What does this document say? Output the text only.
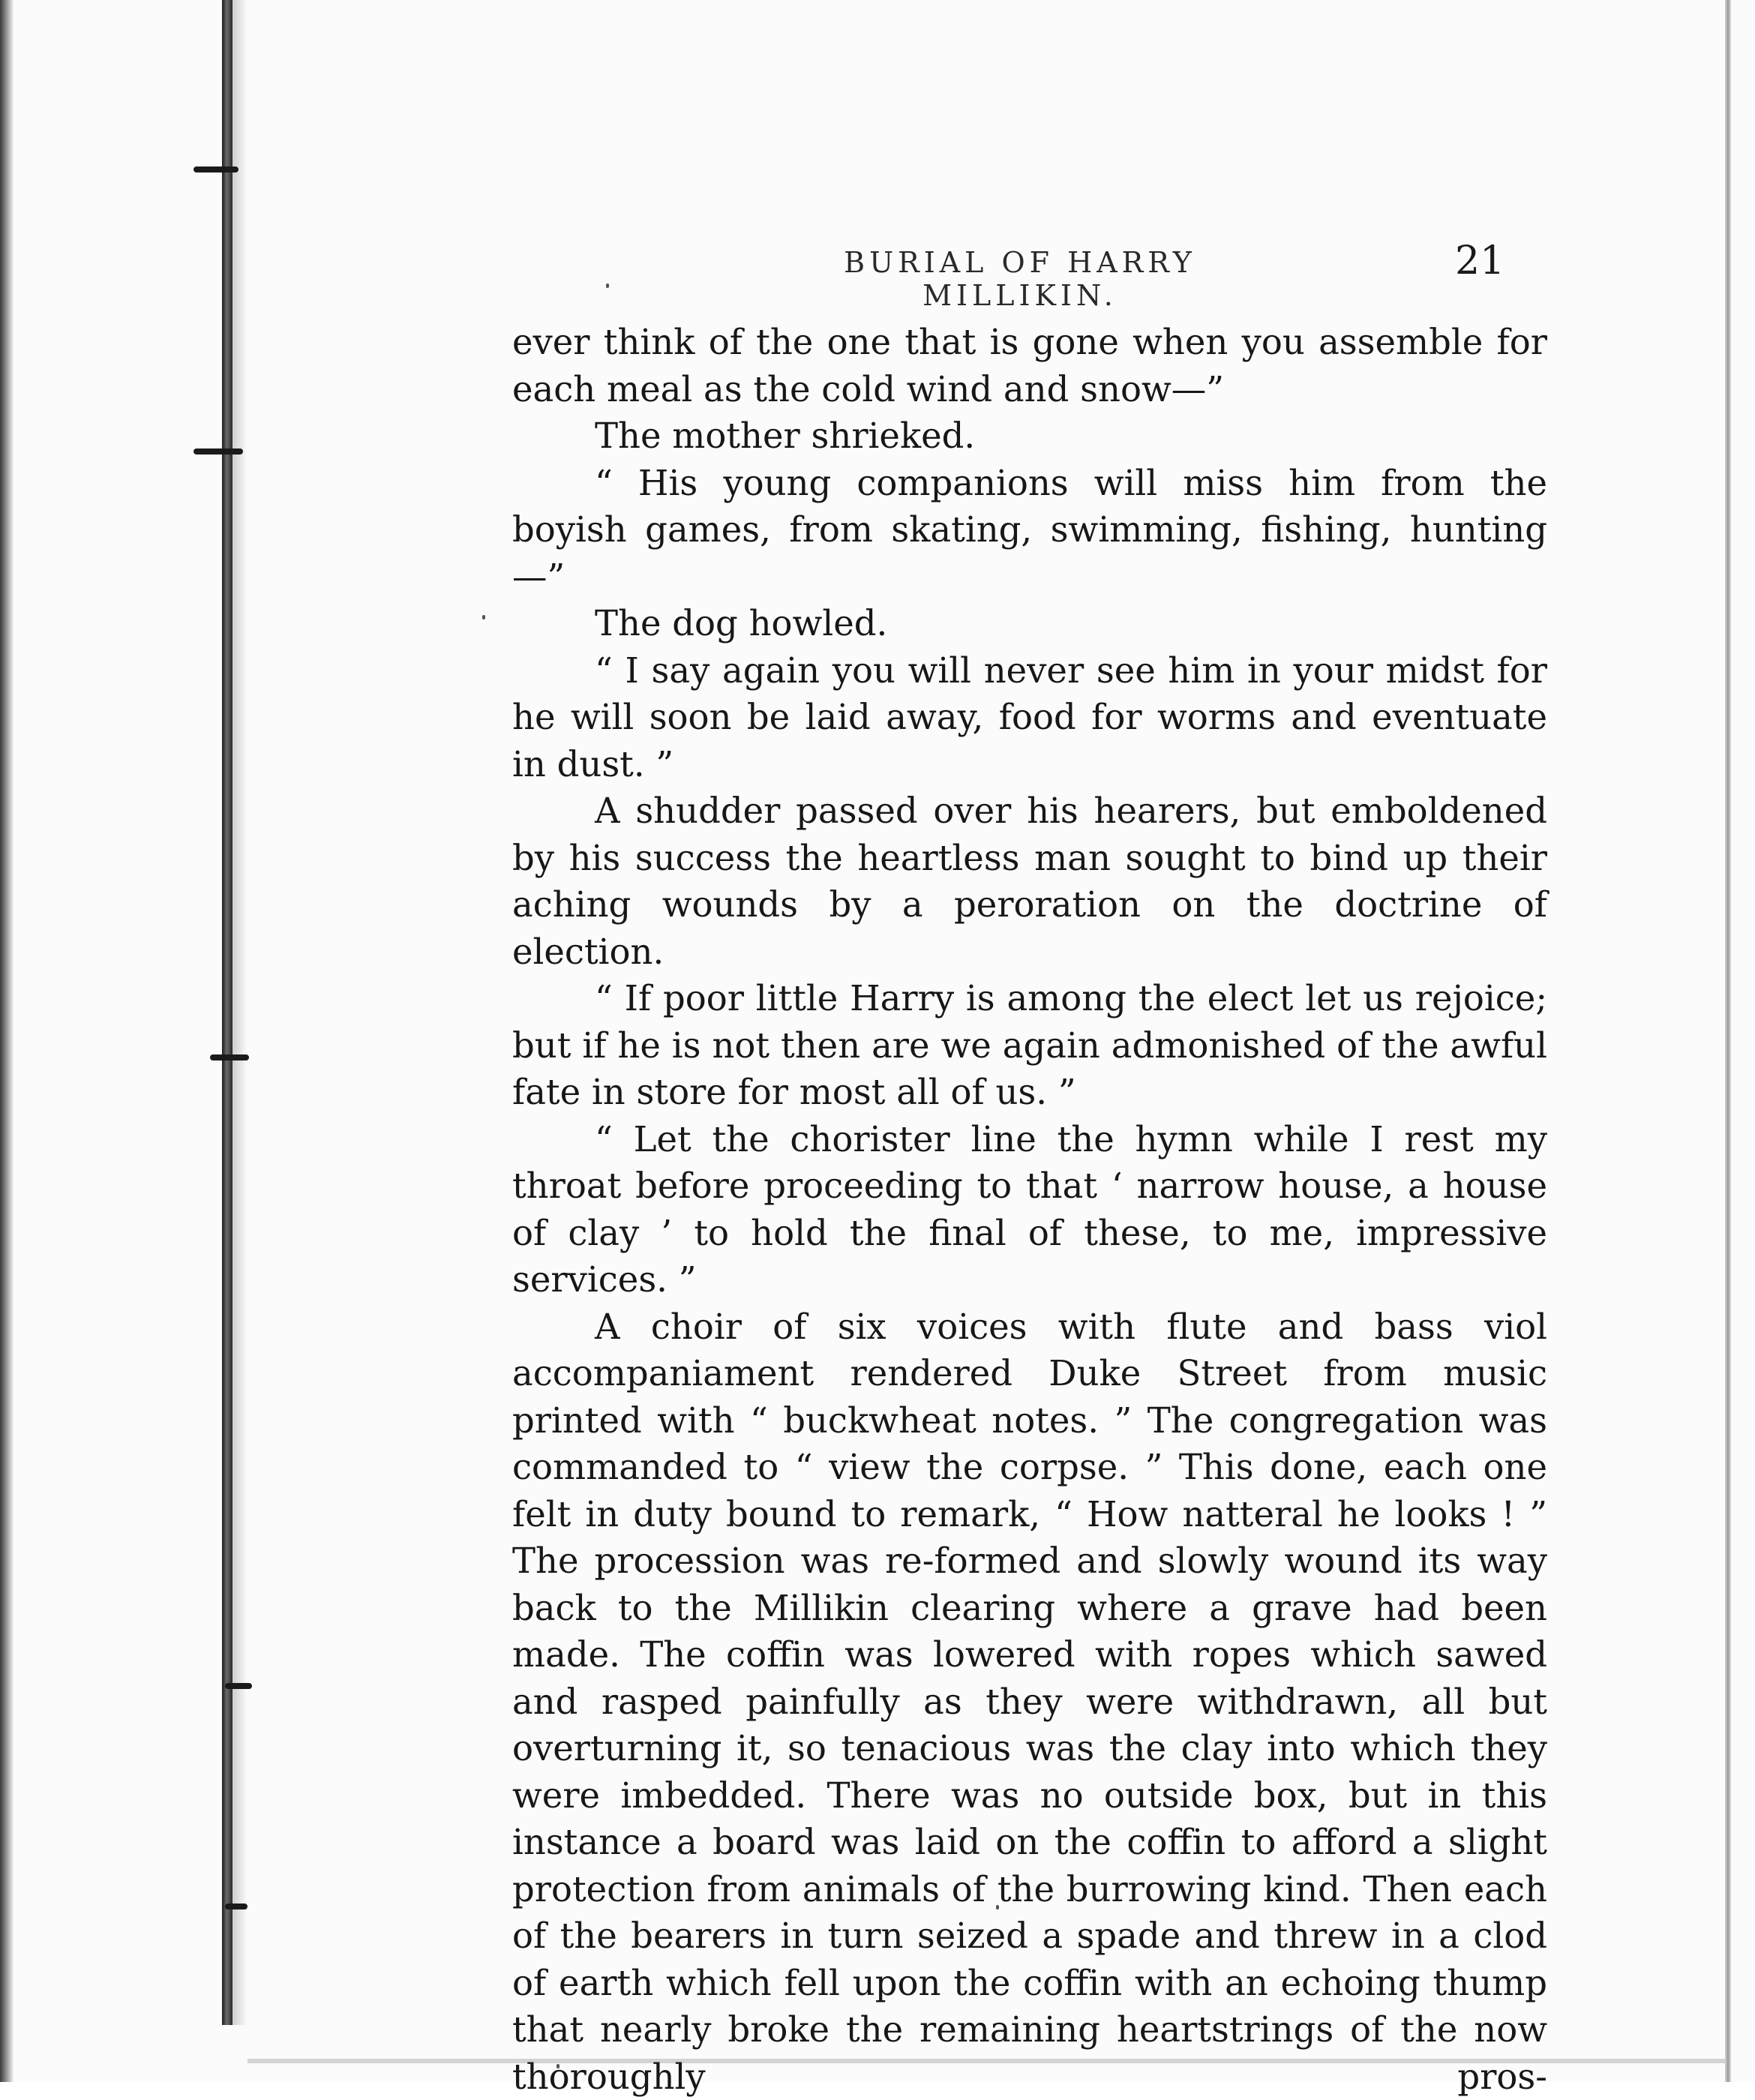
BURIAL OF HARRY MILLIKIN.
21

ever think of the one that is gone when you assemble for each meal as the cold wind and snow—”

The mother shrieked.

“ His young companions will miss him from the boyish games, from skating, swimming, fishing, hunting—”

The dog howled.

“ I say again you will never see him in your midst for he will soon be laid away, food for worms and eventuate in dust. ”

A shudder passed over his hearers, but emboldened by his success the heartless man sought to bind up their aching wounds by a peroration on the doctrine of election.

“ If poor little Harry is among the elect let us rejoice; but if he is not then are we again admonished of the awful fate in store for most all of us. ”

“ Let the chorister line the hymn while I rest my throat before proceeding to that ‘ narrow house, a house of clay ’ to hold the final of these, to me, impressive services. ”

A choir of six voices with flute and bass viol accompaniament rendered Duke Street from music printed with “ buckwheat notes. ” The congregation was commanded to “ view the corpse. ” This done, each one felt in duty bound to remark, “ How natteral he looks ! ” The procession was re-formed and slowly wound its way back to the Millikin clearing where a grave had been made. The coffin was lowered with ropes which sawed and rasped painfully as they were withdrawn, all but overturning it, so tenacious was the clay into which they were imbedded. There was no outside box, but in this instance a board was laid on the coffin to afford a slight protection from animals of the burrowing kind. Then each of the bearers in turn seized a spade and threw in a clod of earth which fell upon the coffin with an echoing thump that nearly broke the remaining heartstrings of the now thoroughly pros-
